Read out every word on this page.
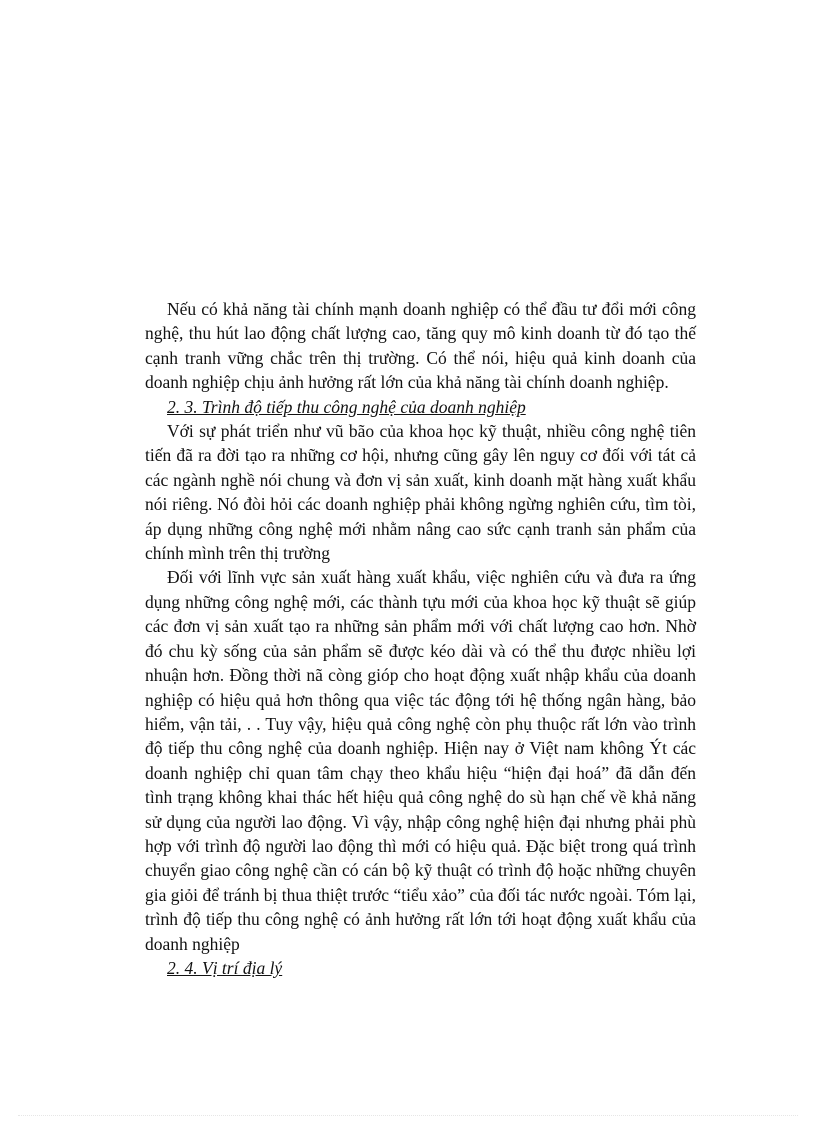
Nếu có khả năng tài chính mạnh doanh nghiệp có thể đầu tư đổi mới công nghệ, thu hút lao động chất lượng cao, tăng quy mô kinh doanh từ đó tạo thế cạnh tranh vững chắc trên thị trường. Có thể nói, hiệu quả kinh doanh của doanh nghiệp chịu ảnh hưởng rất lớn của khả năng tài chính doanh nghiệp.

2. 3. Trình độ tiếp thu công nghệ của doanh nghiệp

Với sự phát triển như vũ bão của khoa học kỹ thuật, nhiều công nghệ tiên tiến đã ra đời tạo ra những cơ hội, nhưng cũng gây lên nguy cơ đối với tát cả các ngành nghề nói chung và đơn vị sản xuất, kinh doanh mặt hàng xuất khẩu nói riêng. Nó đòi hỏi các doanh nghiệp phải không ngừng nghiên cứu, tìm tòi, áp dụng những công nghệ mới nhằm nâng cao sức cạnh tranh sản phẩm của chính mình trên thị trường

Đối với lĩnh vực sản xuất hàng xuất khẩu, việc nghiên cứu và đưa ra ứng dụng những công nghệ mới, các thành tựu mới của khoa học kỹ thuật sẽ giúp các đơn vị sản xuất tạo ra những sản phẩm mới với chất lượng cao hơn. Nhờ đó chu kỳ sống của sản phẩm sẽ được kéo dài và có thể thu được nhiều lợi nhuận hơn. Đồng thời nã còng gióp cho hoạt động xuất nhập khẩu của doanh nghiệp có hiệu quả hơn thông qua việc tác động tới hệ thống ngân hàng, bảo hiểm, vận tải, . . Tuy vậy, hiệu quả công nghệ còn phụ thuộc rất lớn vào trình độ tiếp thu công nghệ của doanh nghiệp. Hiện nay ở Việt nam không Ýt các doanh nghiệp chỉ quan tâm chạy theo khẩu hiệu “hiện đại hoá” đã dẫn đến tình trạng không khai thác hết hiệu quả công nghệ do sù hạn chế về khả năng sử dụng của người lao động. Vì vậy, nhập công nghệ hiện đại nhưng phải phù hợp với trình độ người lao động thì mới có hiệu quả. Đặc biệt trong quá trình chuyển giao công nghệ cần có cán bộ kỹ thuật có trình độ hoặc những chuyên gia giỏi để tránh bị thua thiệt trước “tiểu xảo” của đối tác nước ngoài. Tóm lại, trình độ tiếp thu công nghệ có ảnh hưởng rất lớn tới hoạt động xuất khẩu của doanh nghiệp

2. 4. Vị trí địa lý
